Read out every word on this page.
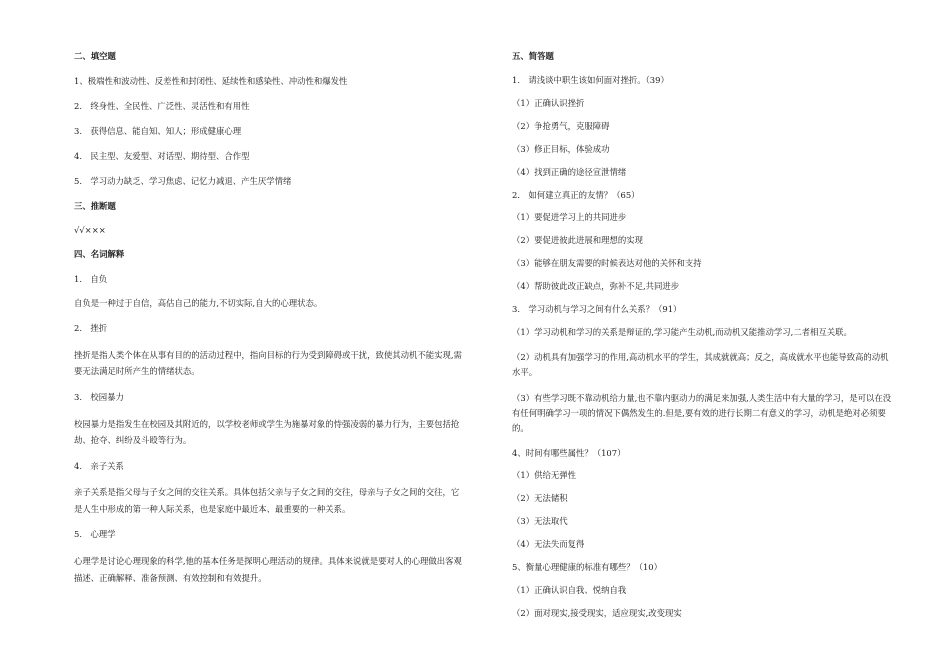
二、填空题

1、极端性和波动性、反差性和封闭性、延续性和感染性、冲动性和爆发性

2.　终身性、全民性、广泛性、灵活性和有用性

3.　获得信息、能自知、知人；形成健康心理

4.　民主型、友爱型、对话型、期待型、合作型

5.　学习动力缺乏、学习焦虑、记忆力减退、产生厌学情绪

三、推断题

√√×××

四、名词解释

1.　自负

自负是一种过于自信，高估自己的能力,不切实际,自大的心理状态。

2.　挫折

挫折是指人类个体在从事有目的的活动过程中，指向目标的行为受到障碍或干扰，致使其动机不能实现,需要无法满足时所产生的情绪状态。

3.　校园暴力

校园暴力是指发生在校园及其附近的，以学校老师或学生为施暴对象的恃强凌弱的暴力行为，主要包括抢劫、抢夺、纠纷及斗殴等行为。

4.　亲子关系

亲子关系是指父母与子女之间的交往关系。具体包括父亲与子女之间的交往，母亲与子女之间的交往，它是人生中形成的第一种人际关系，也是家庭中最近本、最重要的一种关系。

5.　心理学

心理学是讨论心理现象的科学,他的基本任务是探明心理活动的规律。具体来说就是要对人的心理做出客观描述、正确解释、准备预测、有效控制和有效提升。

五、简答题

1.　请浅谈中职生该如何面对挫折。（39）

（1）正确认识挫折

（2）争抢勇气，克服障碍

（3）修正目标，体验成功

（4）找到正确的途径宣泄情绪

2.　如何建立真正的友情？（65）

（1）要促进学习上的共同进步

（2）要促进彼此进展和理想的实现

（3）能够在朋友需要的时候表达对他的关怀和支持

（4）帮助彼此改正缺点，弥补不足,共同进步

3.　学习动机与学习之间有什么关系？（91）

（1）学习动机和学习的关系是辩证的,学习能产生动机,而动机又能推动学习,二者相互关联。

（2）动机具有加强学习的作用,高动机水平的学生，其成就就高；反之，高成就水平也能导致高的动机水平。

（3）有些学习既不靠动机给力量,也不靠内驱动力的满足来加强,人类生活中有大量的学习，是可以在没有任何明确学习一项的情况下偶然发生的.但是,要有效的进行长期二有意义的学习，动机是绝对必须要的。

4、时间有哪些属性？（107）

（1）供给无弹性

（2）无法储积

（3）无法取代

（4）无法失而复得

5、衡量心理健康的标准有哪些？（10）

（1）正确认识自我、悦纳自我

（2）面对现实,接受现实，适应现实,改变现实
